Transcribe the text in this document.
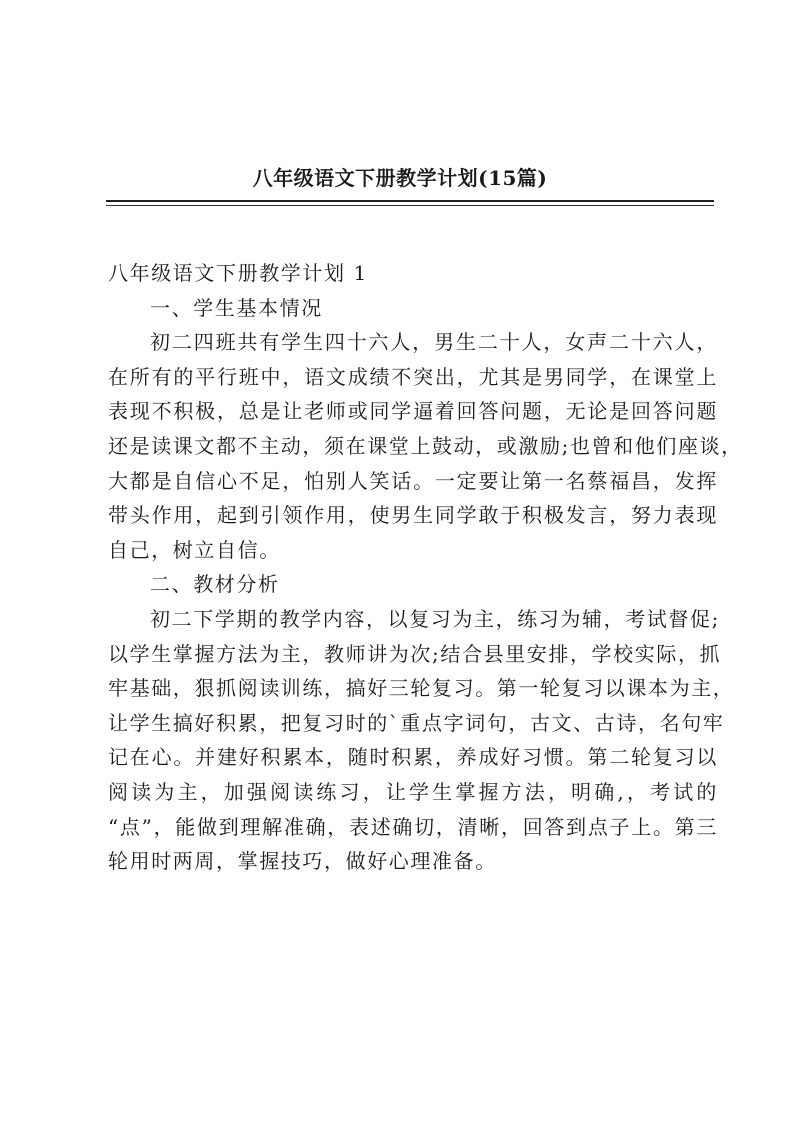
八年级语文下册教学计划(15篇)
八年级语文下册教学计划 1
一、学生基本情况

初二四班共有学生四十六人，男生二十人，女声二十六人，
在所有的平行班中，语文成绩不突出，尤其是男同学，在课堂上
表现不积极，总是让老师或同学逼着回答问题，无论是回答问题
还是读课文都不主动，须在课堂上鼓动，或激励;也曾和他们座谈，
大都是自信心不足，怕别人笑话。一定要让第一名蔡福昌，发挥
带头作用，起到引领作用，使男生同学敢于积极发言，努力表现
自己，树立自信。

二、教材分析

初二下学期的教学内容，以复习为主，练习为辅，考试督促;
以学生掌握方法为主，教师讲为次;结合县里安排，学校实际，抓
牢基础，狠抓阅读训练，搞好三轮复习。第一轮复习以课本为主，
让学生搞好积累，把复习时的`重点字词句，古文、古诗，名句牢
记在心。并建好积累本，随时积累，养成好习惯。第二轮复习以
阅读为主，加强阅读练习，让学生掌握方法，明确,，考试的
“点”，能做到理解准确，表述确切，清晰，回答到点子上。第三
轮用时两周，掌握技巧，做好心理准备。
